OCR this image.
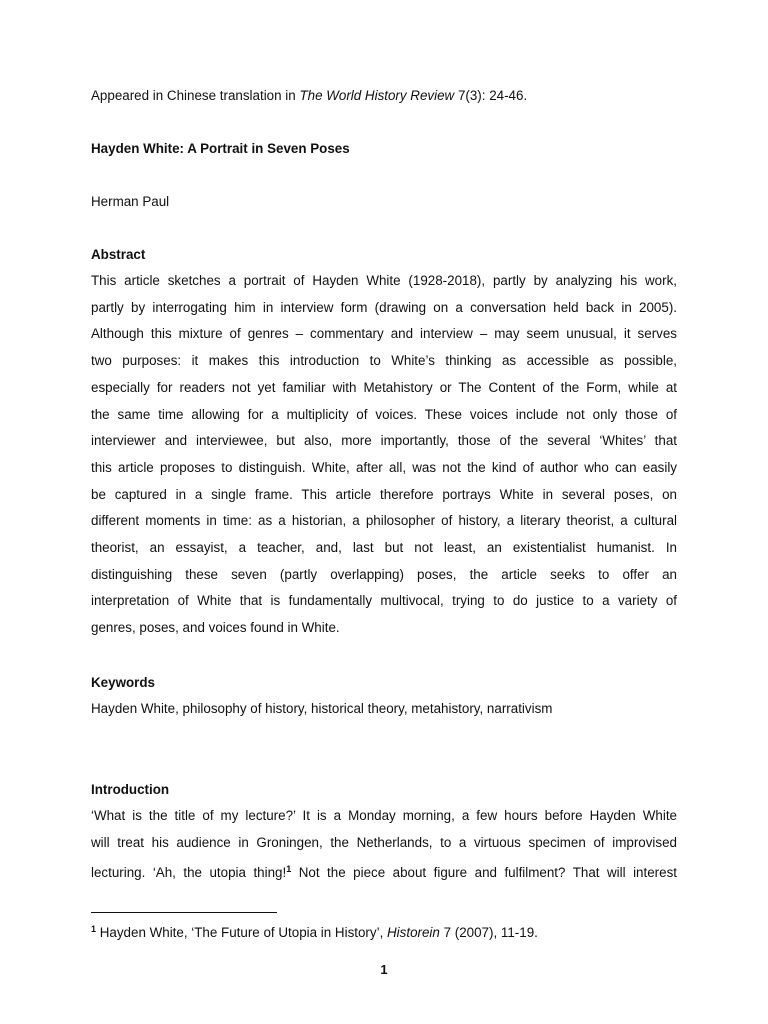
Appeared in Chinese translation in The World History Review 7(3): 24-46.
Hayden White: A Portrait in Seven Poses
Herman Paul
Abstract
This article sketches a portrait of Hayden White (1928-2018), partly by analyzing his work,
partly by interrogating him in interview form (drawing on a conversation held back in 2005).
Although this mixture of genres – commentary and interview – may seem unusual, it serves
two purposes: it makes this introduction to White’s thinking as accessible as possible,
especially for readers not yet familiar with Metahistory or The Content of the Form, while at
the same time allowing for a multiplicity of voices. These voices include not only those of
interviewer and interviewee, but also, more importantly, those of the several ‘Whites’ that
this article proposes to distinguish. White, after all, was not the kind of author who can easily
be captured in a single frame. This article therefore portrays White in several poses, on
different moments in time: as a historian, a philosopher of history, a literary theorist, a cultural
theorist, an essayist, a teacher, and, last but not least, an existentialist humanist. In
distinguishing these seven (partly overlapping) poses, the article seeks to offer an
interpretation of White that is fundamentally multivocal, trying to do justice to a variety of
genres, poses, and voices found in White.
Keywords
Hayden White, philosophy of history, historical theory, metahistory, narrativism
Introduction
‘What is the title of my lecture?’ It is a Monday morning, a few hours before Hayden White
will treat his audience in Groningen, the Netherlands, to a virtuous specimen of improvised
lecturing. ‘Ah, the utopia thing!$^1$ Not the piece about figure and fulfilment? That will interest
$^1$ Hayden White, ‘The Future of Utopia in History’, Historein 7 (2007), 11-19.
1
